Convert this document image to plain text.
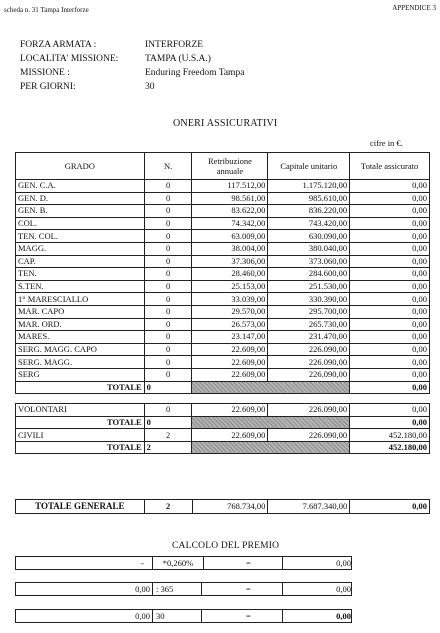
scheda n. 31 Tampa Interforze	APPENDICE 3
FORZA ARMATA :	INTERFORZE
LOCALITA' MISSIONE:	TAMPA (U.S.A.)
MISSIONE :	Enduring Freedom Tampa
PER GIORNI:	30
ONERI ASSICURATIVI
cifre in €.
GRADO	N.	Retribuzione annuale	Capitale unitario	Totale assicurato
GEN. C.A.	0	117.512,00	1.175.120,00	0,00
GEN. D.	0	98.561,00	985.610,00	0,00
GEN. B.	0	83.622,00	836.220,00	0,00
COL.	0	74.342,00	743.420,00	0,00
TEN. COL.	0	63.009,00	630.090,00	0,00
MAGG.	0	38.004,00	380.040,00	0,00
CAP.	0	37.306,00	373.060,00	0,00
TEN.	0	28.460,00	284.600,00	0,00
S.TEN.	0	25.153,00	251.530,00	0,00
1° MARESCIALLO	0	33.039,00	330.390,00	0,00
MAR. CAPO	0	29.570,00	295.700,00	0,00
MAR. ORD.	0	26.573,00	265.730,00	0,00
MARES.	0	23.147,00	231.470,00	0,00
SERG. MAGG. CAPO	0	22.609,00	226.090,00	0,00
SERG. MAGG.	0	22.609,00	226.090,00	0,00
SERG	0	22.609,00	226.090,00	0,00
TOTALE	0			0,00

VOLONTARI	0	22.609,00	226.090,00	0,00
TOTALE	0			0,00
CIVILI	2	22.609,00	226.090,00	452.180,00
TOTALE	2			452.180,00
TOTALE GENERALE	2	768.734,00	7.687.340,00	0,00
CALCOLO DEL PREMIO
-	*0,260%	=	0,00
0,00 : 365	=	0,00
0,00 30	=	0,00
